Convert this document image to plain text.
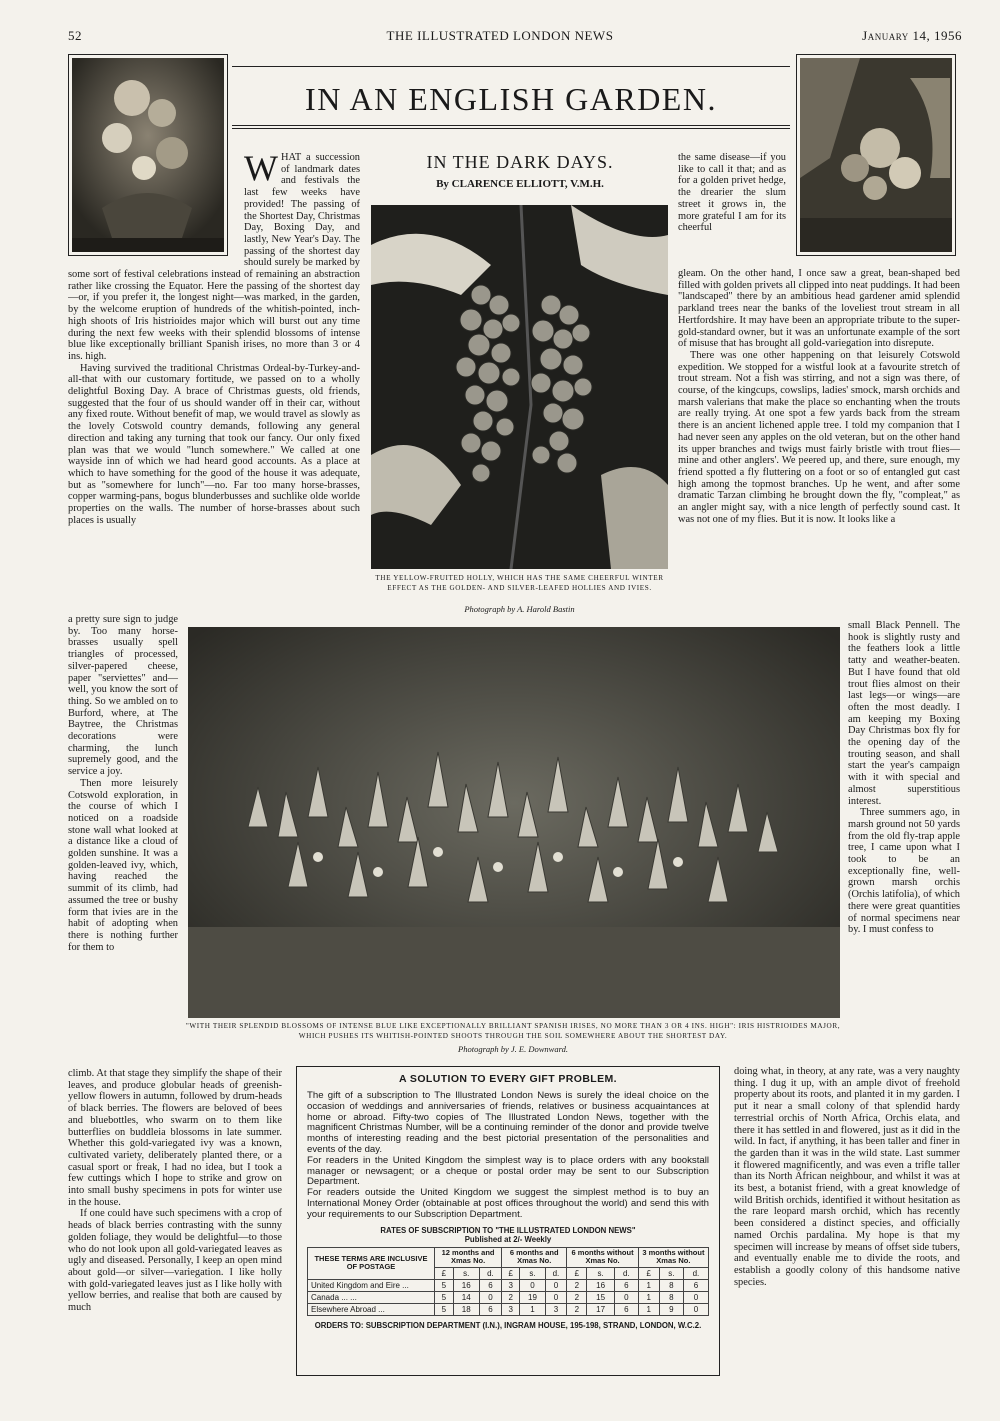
52	THE ILLUSTRATED LONDON NEWS	January 14, 1956
IN AN ENGLISH GARDEN.
IN THE DARK DAYS.
By CLARENCE ELLIOTT, V.M.H.
THE YELLOW-FRUITED HOLLY, WHICH HAS THE SAME CHEERFUL WINTER EFFECT AS THE GOLDEN- AND SILVER-LEAFED HOLLIES AND IVIES.
Photograph by A. Harold Bastin
"WITH THEIR SPLENDID BLOSSOMS OF INTENSE BLUE LIKE EXCEPTIONALLY BRILLIANT SPANISH IRISES, NO MORE THAN 3 OR 4 INS. HIGH": IRIS HISTRIOIDES MAJOR, WHICH PUSHES ITS WHITISH-POINTED SHOOTS THROUGH THE SOIL SOMEWHERE ABOUT THE SHORTEST DAY.
Photograph by J. E. Downward.

WHAT a succession of landmark dates and festivals the last few weeks have provided! The passing of the Shortest Day, Christmas Day, Boxing Day, and lastly, New Year's Day. The passing of the shortest day should surely be marked by some sort of festival celebrations instead of remaining an abstraction rather like crossing the Equator. Here the passing of the shortest day—or, if you prefer it, the longest night—was marked, in the garden, by the welcome eruption of hundreds of the whitish-pointed, inch-high shoots of Iris histrioides major which will burst out any time during the next few weeks with their splendid blossoms of intense blue like exceptionally brilliant Spanish irises, no more than 3 or 4 ins. high.

Having survived the traditional Christmas Ordeal-by-Turkey-and-all-that with our customary fortitude, we passed on to a wholly delightful Boxing Day. A brace of Christmas guests, old friends, suggested that the four of us should wander off in their car, without any fixed route. Without benefit of map, we would travel as slowly as the lovely Cotswold country demands, following any general direction and taking any turning that took our fancy. Our only fixed plan was that we would "lunch somewhere." We called at one wayside inn of which we had heard good accounts. As a place at which to have something for the good of the house it was adequate, but as "somewhere for lunch"—no. Far too many horse-brasses, copper warming-pans, bogus blunderbusses and suchlike olde worlde properties on the walls. The number of horse-brasses about such places is usually

a pretty sure sign to judge by. Too many horse-brasses usually spell triangles of processed, silver-papered cheese, paper "serviettes" and—well, you know the sort of thing. So we ambled on to Burford, where, at The Baytree, the Christmas decorations were charming, the lunch supremely good, and the service a joy.

Then more leisurely Cotswold exploration, in the course of which I noticed on a roadside stone wall what looked at a distance like a cloud of golden sunshine. It was a golden-leaved ivy, which, having reached the summit of its climb, had assumed the tree or bushy form that ivies are in the habit of adopting when there is nothing further for them to

climb. At that stage they simplify the shape of their leaves, and produce globular heads of greenish-yellow flowers in autumn, followed by drum-heads of black berries. The flowers are beloved of bees and bluebottles, who swarm on to them like butterflies on buddleia blossoms in late summer. Whether this gold-variegated ivy was a known, cultivated variety, deliberately planted there, or a casual sport or freak, I had no idea, but I took a few cuttings which I hope to strike and grow on into small bushy specimens in pots for winter use in the house.

If one could have such specimens with a crop of heads of black berries contrasting with the sunny golden foliage, they would be delightful—to those who do not look upon all gold-variegated leaves as ugly and diseased. Personally, I keep an open mind about gold—or silver—variegation. I like holly with gold-variegated leaves just as I like holly with yellow berries, and realise that both are caused by much

the same disease—if you like to call it that; and as for a golden privet hedge, the drearier the slum street it grows in, the more grateful I am for its cheerful

gleam. On the other hand, I once saw a great, bean-shaped bed filled with golden privets all clipped into neat puddings. It had been "landscaped" there by an ambitious head gardener amid splendid parkland trees near the banks of the loveliest trout stream in all Hertfordshire. It may have been an appropriate tribute to the super-gold-standard owner, but it was an unfortunate example of the sort of misuse that has brought all gold-variegation into disrepute.

There was one other happening on that leisurely Cotswold expedition. We stopped for a wistful look at a favourite stretch of trout stream. Not a fish was stirring, and not a sign was there, of course, of the kingcups, cowslips, ladies' smock, marsh orchids and marsh valerians that make the place so enchanting when the trouts are really trying. At one spot a few yards back from the stream there is an ancient lichened apple tree. I told my companion that I had never seen any apples on the old veteran, but on the other hand its upper branches and twigs must fairly bristle with trout flies—mine and other anglers'. We peered up, and there, sure enough, my friend spotted a fly fluttering on a foot or so of entangled gut cast high among the topmost branches. Up he went, and after some dramatic Tarzan climbing he brought down the fly, "compleat," as an angler might say, with a nice length of perfectly sound cast. It was not one of my flies. But it is now. It looks like a

small Black Pennell. The hook is slightly rusty and the feathers look a little tatty and weather-beaten. But I have found that old trout flies almost on their last legs—or wings—are often the most deadly. I am keeping my Boxing Day Christmas box fly for the opening day of the trouting season, and shall start the year's campaign with it with special and almost superstitious interest.

Three summers ago, in marsh ground not 50 yards from the old fly-trap apple tree, I came upon what I took to be an exceptionally fine, well-grown marsh orchis (Orchis latifolia), of which there were great quantities of normal specimens near by. I must confess to

doing what, in theory, at any rate, was a very naughty thing. I dug it up, with an ample divot of freehold property about its roots, and planted it in my garden. I put it near a small colony of that splendid hardy terrestrial orchis of North Africa, Orchis elata, and there it has settled in and flowered, just as it did in the wild. In fact, if anything, it has been taller and finer in the garden than it was in the wild state. Last summer it flowered magnificently, and was even a trifle taller than its North African neighbour, and whilst it was at its best, a botanist friend, with a great knowledge of wild British orchids, identified it without hesitation as the rare leopard marsh orchid, which has recently been considered a distinct species, and officially named Orchis pardalina. My hope is that my specimen will increase by means of offset side tubers, and eventually enable me to divide the roots, and establish a goodly colony of this handsome native species.

A SOLUTION TO EVERY GIFT PROBLEM.
The gift of a subscription to The Illustrated London News is surely the ideal choice on the occasion of weddings and anniversaries of friends, relatives or business acquaintances at home or abroad. Fifty-two copies of The Illustrated London News, together with the magnificent Christmas Number, will be a continuing reminder of the donor and provide twelve months of interesting reading and the best pictorial presentation of the personalities and events of the day.
For readers in the United Kingdom the simplest way is to place orders with any bookstall manager or newsagent; or a cheque or postal order may be sent to our Subscription Department.
For readers outside the United Kingdom we suggest the simplest method is to buy an International Money Order (obtainable at post offices throughout the world) and send this with your requirements to our Subscription Department.
RATES OF SUBSCRIPTION TO "THE ILLUSTRATED LONDON NEWS"
Published at 2/- Weekly
THESE TERMS ARE INCLUSIVE OF POSTAGE	12 months and Xmas No.			6 months and Xmas No.			6 months without Xmas No.			3 months without Xmas No.		
	£	s.	d.	£	s.	d.	£	s.	d.	£	s.	d.
United Kingdom and Eire ...	5	16	6	3	0	0	2	16	6	1	8	6
Canada ... ...	5	14	0	2	19	0	2	15	0	1	8	0
Elsewhere Abroad ...	5	18	6	3	1	3	2	17	6	1	9	0
ORDERS TO: SUBSCRIPTION DEPARTMENT (I.N.), INGRAM HOUSE, 195-198, STRAND, LONDON, W.C.2.
